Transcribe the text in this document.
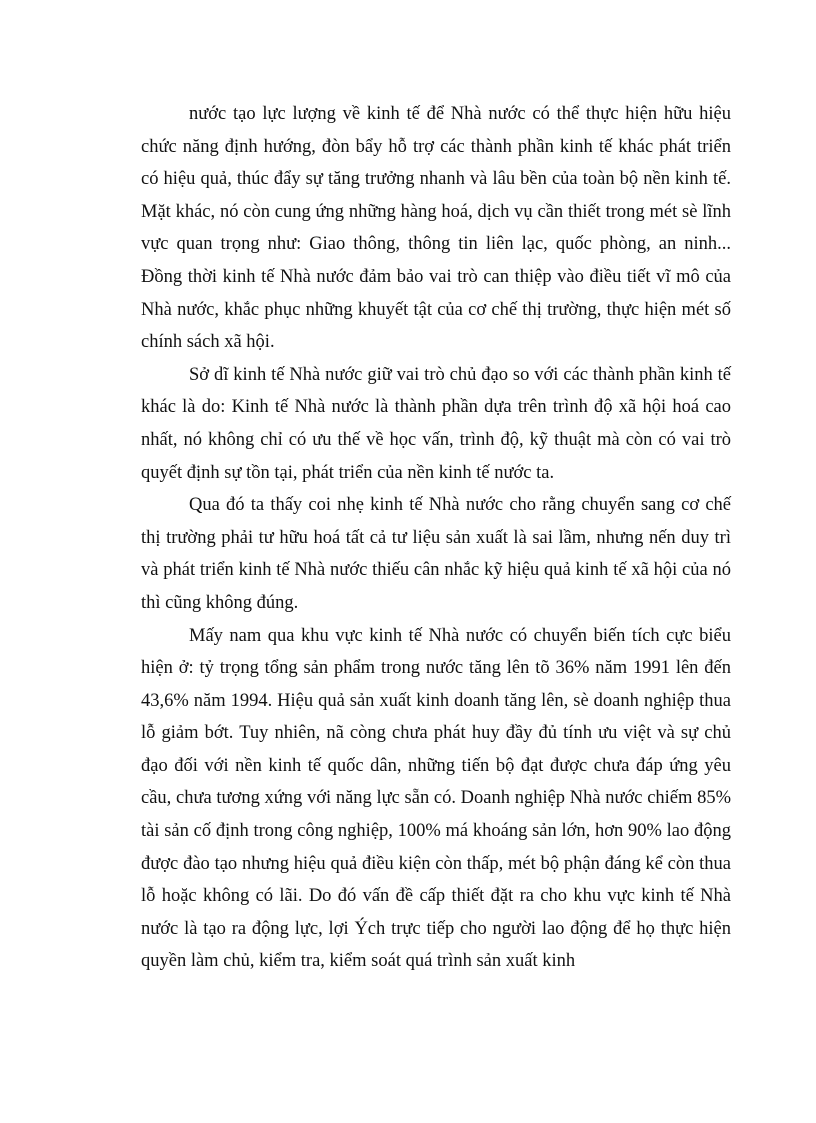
nước tạo lực lượng về kinh tế để Nhà nước có thể thực hiện hữu hiệu chức năng định hướng, đòn bẩy hỗ trợ các thành phần kinh tế khác phát triển có hiệu quả, thúc đẩy sự tăng trưởng nhanh và lâu bền của toàn bộ nền kinh tế. Mặt khác, nó còn cung ứng những hàng hoá, dịch vụ cần thiết trong mét sè lĩnh vực quan trọng như: Giao thông, thông tin liên lạc, quốc phòng, an ninh... Đồng thời kinh tế Nhà nước đảm bảo vai trò can thiệp vào điều tiết vĩ mô của Nhà nước, khắc phục những khuyết tật của cơ chế thị trường, thực hiện mét số chính sách xã hội.

Sở dĩ kinh tế Nhà nước giữ vai trò chủ đạo so với các thành phần kinh tế khác là do: Kinh tế Nhà nước là thành phần dựa trên trình độ xã hội hoá cao nhất, nó không chỉ có ưu thế về học vấn, trình độ, kỹ thuật mà còn có vai trò quyết định sự tồn tại, phát triển của nền kinh tế nước ta.

Qua đó ta thấy coi nhẹ kinh tế Nhà nước cho rằng chuyển sang cơ chế thị trường phải tư hữu hoá tất cả tư liệu sản xuất là sai lầm, nhưng nến duy trì và phát triển kinh tế Nhà nước thiếu cân nhắc kỹ hiệu quả kinh tế xã hội của nó thì cũng không đúng.

Mấy nam qua khu vực kinh tế Nhà nước có chuyển biến tích cực biểu hiện ở: tỷ trọng tổng sản phẩm trong nước tăng lên tõ 36% năm 1991 lên đến 43,6% năm 1994. Hiệu quả sản xuất kinh doanh tăng lên, sè doanh nghiệp thua lỗ giảm bớt. Tuy nhiên, nã còng chưa phát huy đầy đủ tính ưu việt và sự chủ đạo đối với nền kinh tế quốc dân, những tiến bộ đạt được chưa đáp ứng yêu cầu, chưa tương xứng với năng lực sẵn có. Doanh nghiệp Nhà nước chiếm 85% tài sản cố định trong công nghiệp, 100% má khoáng sản lớn, hơn 90% lao động được đào tạo nhưng hiệu quả điều kiện còn thấp, mét bộ phận đáng kể còn thua lỗ hoặc không có lãi. Do đó vấn đề cấp thiết đặt ra cho khu vực kinh tế Nhà nước là tạo ra động lực, lợi Ých trực tiếp cho người lao động để họ thực hiện quyền làm chủ, kiểm tra, kiểm soát quá trình sản xuất kinh
